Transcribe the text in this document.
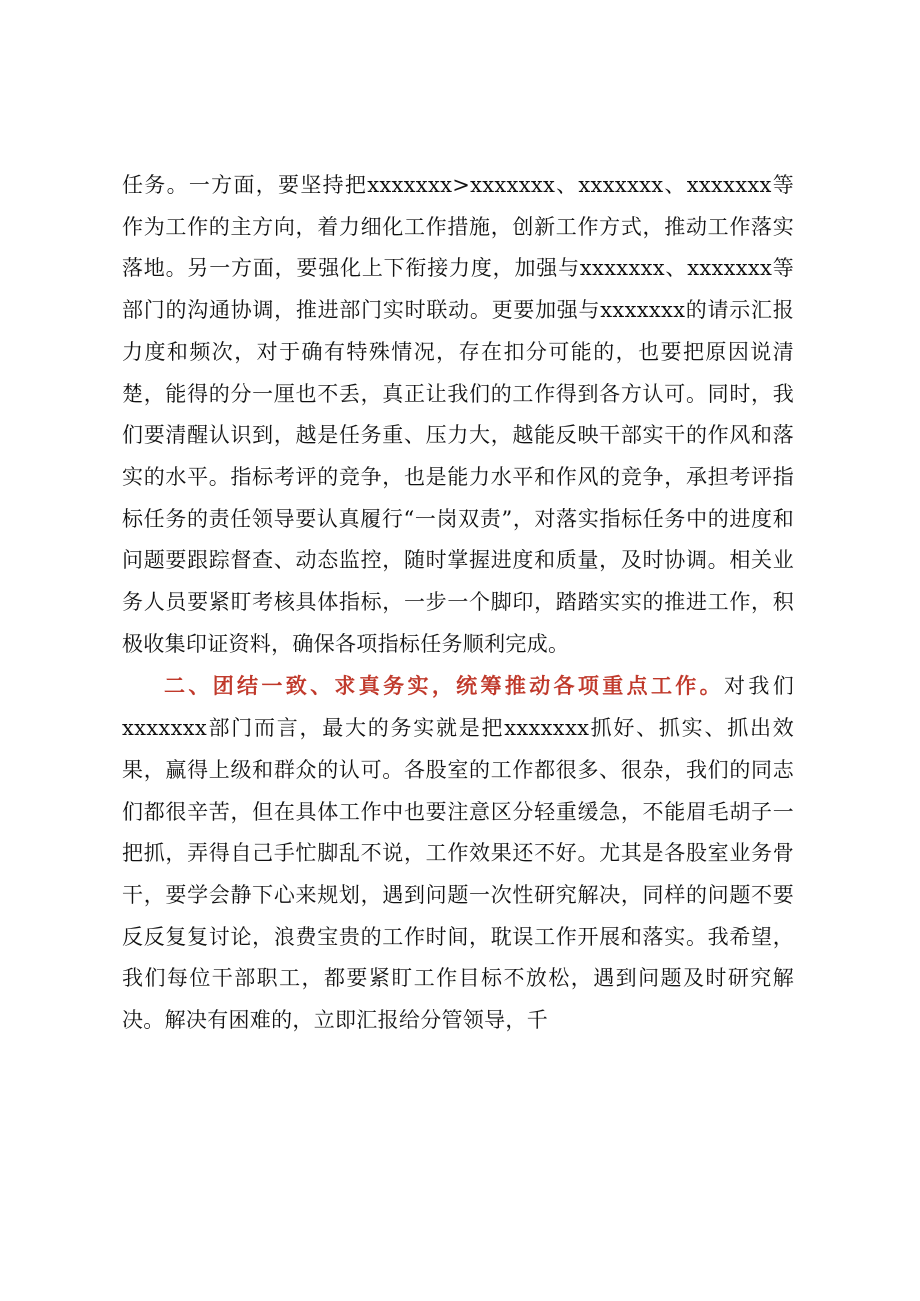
任务。一方面，要坚持把xxxxxxx>xxxxxxx、xxxxxxx、xxxxxxx等作为工作的主方向，着力细化工作措施，创新工作方式，推动工作落实落地。另一方面，要强化上下衔接力度，加强与xxxxxxx、xxxxxxx等部门的沟通协调，推进部门实时联动。更要加强与xxxxxxx的请示汇报力度和频次，对于确有特殊情况，存在扣分可能的，也要把原因说清楚，能得的分一厘也不丢，真正让我们的工作得到各方认可。同时，我们要清醒认识到，越是任务重、压力大，越能反映干部实干的作风和落实的水平。指标考评的竞争，也是能力水平和作风的竞争，承担考评指标任务的责任领导要认真履行“一岗双责”，对落实指标任务中的进度和问题要跟踪督查、动态监控，随时掌握进度和质量，及时协调。相关业务人员要紧盯考核具体指标，一步一个脚印，踏踏实实的推进工作，积极收集印证资料，确保各项指标任务顺利完成。

二、团结一致、求真务实，统筹推动各项重点工作。对我们xxxxxxx部门而言，最大的务实就是把xxxxxxx抓好、抓实、抓出效果，赢得上级和群众的认可。各股室的工作都很多、很杂，我们的同志们都很辛苦，但在具体工作中也要注意区分轻重缓急，不能眉毛胡子一把抓，弄得自己手忙脚乱不说，工作效果还不好。尤其是各股室业务骨干，要学会静下心来规划，遇到问题一次性研究解决，同样的问题不要反反复复讨论，浪费宝贵的工作时间，耽误工作开展和落实。我希望，我们每位干部职工，都要紧盯工作目标不放松，遇到问题及时研究解决。解决有困难的，立即汇报给分管领导，千
